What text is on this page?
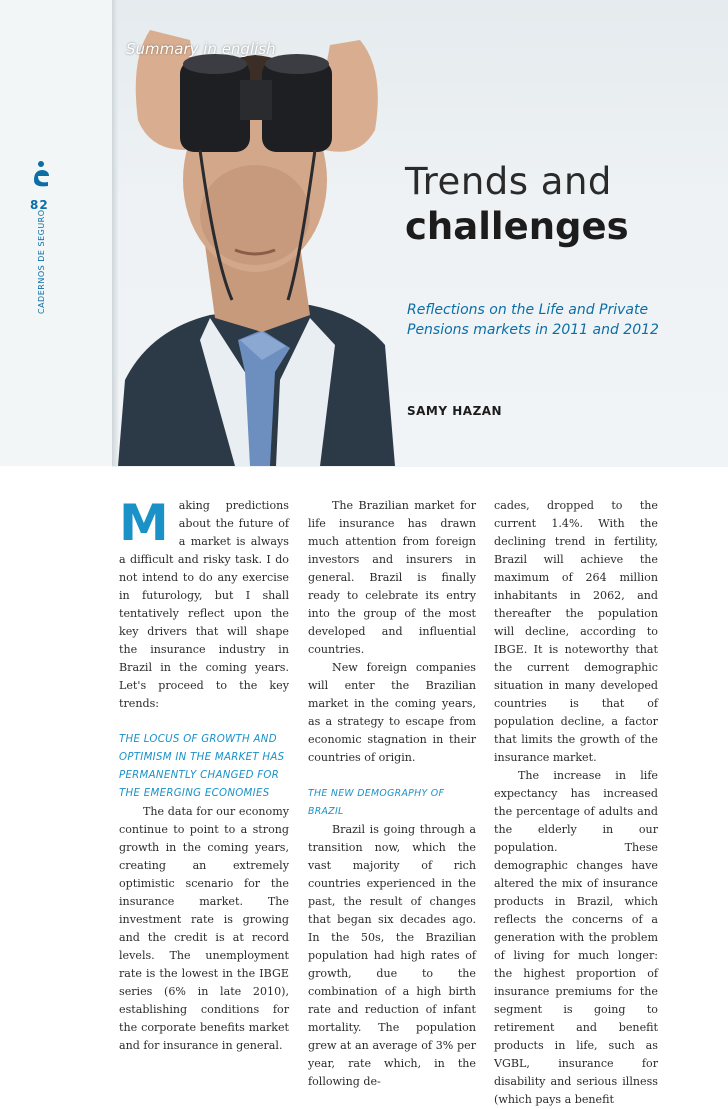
82
CADERNOS DE SEGURO
Summary in english
Trends and
challenges
Reflections on the Life and Private Pensions markets in 2011 and 2012
SAMY HAZAN

Making predictions about the future of a market is always a difficult and risky task. I do not intend to do any exercise in futurology, but I shall tentatively reflect upon the key drivers that will shape the insurance industry in Brazil in the coming years. Let's proceed to the key trends:

THE LOCUS OF GROWTH AND OPTIMISM IN THE MARKET HAS PERMANENTLY CHANGED FOR THE EMERGING ECONOMIES

The data for our economy continue to point to a strong growth in the coming years, creating an extremely optimistic scenario for the insurance market. The investment rate is growing and the credit is at record levels. The unemployment rate is the lowest in the IBGE series (6% in late 2010), establishing conditions for the corporate benefits market and for insurance in general.

The Brazilian market for life insurance has drawn much attention from foreign investors and insurers in general. Brazil is finally ready to celebrate its entry into the group of the most developed and influential countries.

New foreign companies will enter the Brazilian market in the coming years, as a strategy to escape from economic stagnation in their countries of origin.

THE NEW DEMOGRAPHY OF BRAZIL

Brazil is going through a transition now, which the vast majority of rich countries experienced in the past, the result of changes that began six decades ago. In the 50s, the Brazilian population had high rates of growth, due to the combination of a high birth rate and reduction of infant mortality. The population grew at an average of 3% per year, rate which, in the following de-

cades, dropped to the current 1.4%. With the declining trend in fertility, Brazil will achieve the maximum of 264 million inhabitants in 2062, and thereafter the population will decline, according to IBGE. It is noteworthy that the current demographic situation in many developed countries is that of population decline, a factor that limits the growth of the insurance market.

The increase in life expectancy has increased the percentage of adults and the elderly in our population. These demographic changes have altered the mix of insurance products in Brazil, which reflects the concerns of a generation with the problem of living for much longer: the highest proportion of insurance premiums for the segment is going to retirement and benefit products in life, such as VGBL, insurance for disability and serious illness (which pays a benefit
